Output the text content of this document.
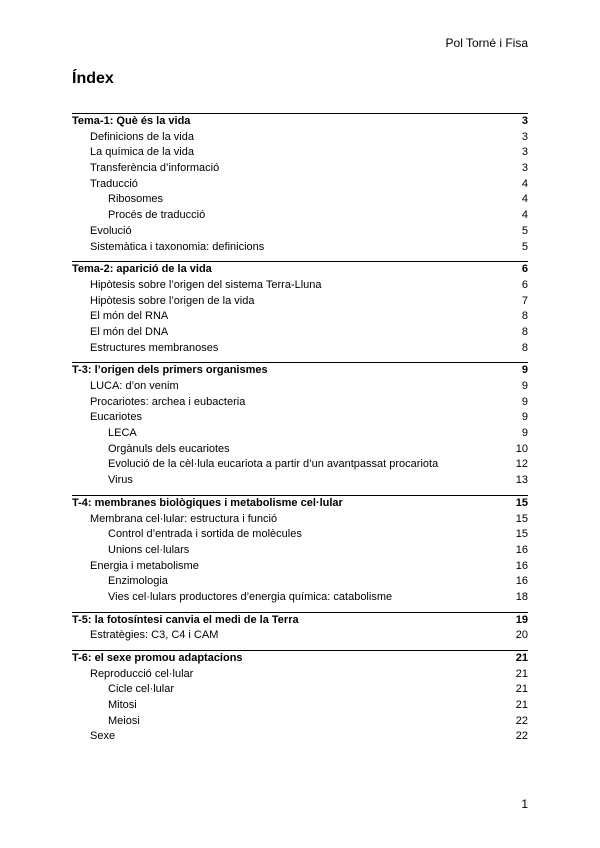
Pol Torné i Fisa
Índex
Tema-1: Què és la vida	3
Definicions de la vida	3
La química de la vida	3
Transferència d’informació	3
Traducció	4
Ribosomes	4
Procés de traducció	4
Evolució	5
Sistemàtica i taxonomia: definicions	5
Tema-2: aparició de la vida	6
Hipòtesis sobre l’origen del sistema Terra-Lluna	6
Hipòtesis sobre l’origen de la vida	7
El món del RNA	8
El món del DNA	8
Estructures membranoses	8
T-3: l’origen dels primers organismes	9
LUCA: d’on venim	9
Procariotes: archea i eubacteria	9
Eucariotes	9
LECA	9
Orgànuls dels eucariotes	10
Evolució de la cèl·lula eucariota a partir d’un avantpassat procariota	12
Virus	13
T-4: membranes biològiques i metabolisme cel·lular	15
Membrana cel·lular: estructura i funció	15
Control d’entrada i sortida de molècules	15
Unions cel·lulars	16
Energia i metabolisme	16
Enzimologia	16
Vies cel·lulars productores d’energia química: catabolisme	18
T-5: la fotosíntesi canvia el medi de la Terra	19
Estratègies: C3, C4 i CAM	20
T-6: el sexe promou adaptacions	21
Reproducció cel·lular	21
Cicle cel·lular	21
Mitosi	21
Meiosi	22
Sexe	22
1
